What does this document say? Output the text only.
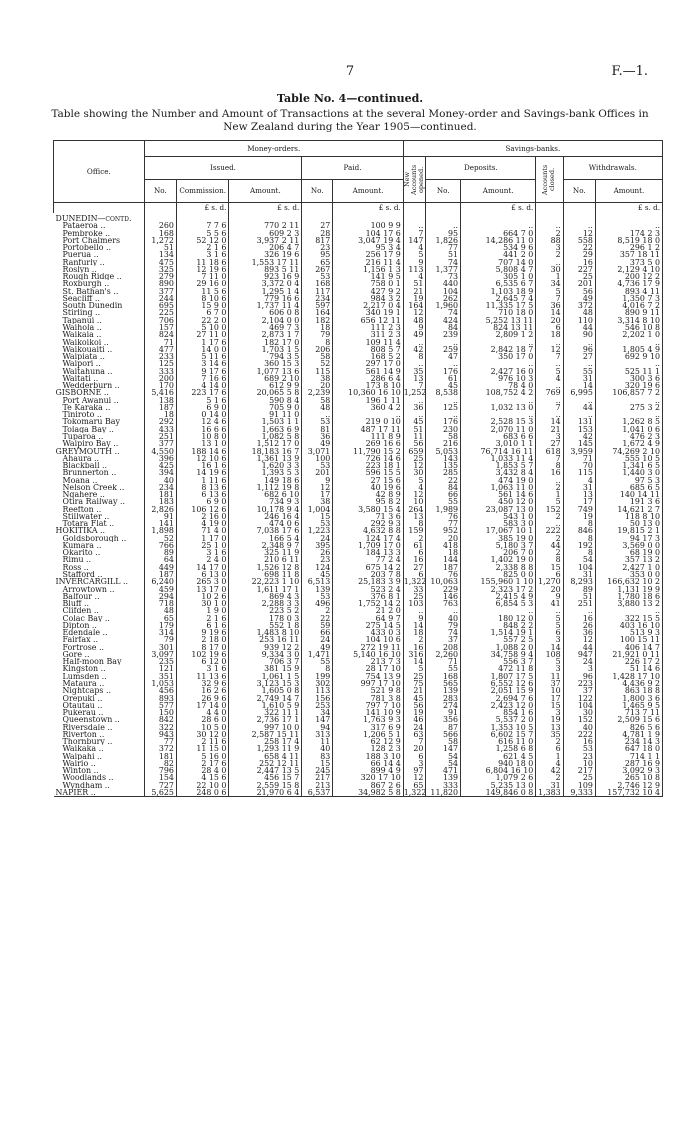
7	F.—1.
Table No. 4—continued.
Table showing the Number and Amount of Transactions at the several Money-order and Savings-bank Offices in New Zealand during the Year 1905—continued.
Office.	Money-orders.					Savings-banks.					
	Issued.			Paid.		New Accounts opened.	Deposits.		Accounts closed.	Withdrawals.	
	No.	Commission.	Amount.	No.	Amount.		No.	Amount.		No.	Amount.
		£ s. d.	£ s. d.		£ s. d.			£ s. d.			£ s. d.
DUNEDIN—contd.											
Pataeroa ..	260	7 7 6	770 2 11	27	100 9 9	..	..	..	..	..	..
Pembroke ..	168	5 5 6	609 2 3	28	104 17 6	7	95	664 7 0	2	12	174 2 3
Port Chalmers	1,272	52 12 0	3,937 2 11	817	3,047 19 4	147	1,826	14,286 11 0	88	558	8,519 18 0
Portobello ..	51	2 1 6	206 4 7	23	95 3 4	4	77	534 9 6	3	22	296 1 2
Puerua ..	134	3 1 6	326 19 6	95	256 17 9	5	51	441 2 0	2	29	357 18 11
Ranfurly ..	475	11 18 6	1,553 17 11	65	216 11 4	9	74	707 14 0	..	16	373 5 0
Roslyn ..	325	12 19 6	893 5 11	267	1,156 1 3	113	1,377	5,808 4 7	30	227	2,129 4 10
Rough Ridge ..	279	7 11 0	923 16 9	53	141 9 5	4	73	305 1 0	1	25	200 12 2
Roxburgh ..	890	29 16 0	3,372 0 4	168	758 0 1	51	440	6,535 6 7	34	201	4,736 17 9
St. Bathan's ..	377	11 5 6	1,295 1 4	117	427 9 2	21	104	1,103 18 9	5	56	893 4 11
Seacliff ..	244	8 10 6	779 16 6	234	984 3 2	19	262	2,645 7 4	7	49	1,350 7 3
South Dunedin	695	15 9 0	1,737 11 4	597	2,217 0 4	164	1,960	11,335 17 5	36	372	4,016 7 2
Stirling ..	225	6 7 0	606 0 8	164	340 19 1	12	74	710 18 0	14	48	890 9 11
Tapanui ..	706	22 2 0	2,104 0 0	182	656 12 11	48	424	5,252 13 11	20	110	3,314 8 10
Waihola ..	157	5 10 0	469 7 3	18	111 2 3	9	84	824 13 11	6	44	546 10 8
Waikaia ..	824	27 11 0	2,873 1 7	79	311 2 3	49	239	2,809 1 2	18	90	2,202 1 0
Waikoikoi ..	71	1 17 6	182 17 0	8	109 11 4	..	..	..	..	..	..
Waikouaiti ..	477	14 0 0	1,703 1 5	206	808 5 7	42	259	2,842 18 7	12	96	1,805 4 9
Waipiata ..	233	5 11 6	794 3 5	58	168 5 2	8	47	350 17 0	7	27	692 9 10
Waipori ..	125	3 14 6	360 15 3	52	297 17 0	..	..	..	..	..	..
Waitahuna ..	333	9 17 6	1,077 13 6	115	561 14 9	35	176	2,427 16 0	5	55	525 11 1
Waitati ..	200	7 16 6	689 2 10	38	286 6 4	13	61	976 10 3	4	31	300 3 6
Wedderburn ..	170	4 14 0	612 9 9	20	173 8 10	7	45	78 4 0	..	14	320 19 6
GISBORNE ..	5,416	223 17 6	20,065 5 8	2,239	10,360 16 10	1,252	8,538	108,752 4 2	769	6,995	106,857 7 2
Port Awanui ..	138	5 1 6	590 8 4	58	196 1 11	..	..	..	..	..	..
Te Karaka ..	187	6 9 0	705 9 0	48	360 4 2	36	125	1,032 13 0	7	44	275 3 2
Tiniroto ..	18	0 14 0	91 11 0	..	..	..	..	..	..	..	..
Tokomaru Bay	292	12 4 6	1,503 1 1	53	219 0 10	45	176	2,528 15 3	14	131	1,262 8 5
Tolaga Bay ..	433	16 6 6	1,663 6 9	81	487 17 11	51	230	2,070 11 0	21	153	1,041 0 6
Tuparoa ..	251	10 8 0	1,082 5 8	36	111 8 9	11	58	683 6 6	3	42	476 2 3
Waipiro Bay ..	377	13 1 0	1,512 17 0	49	269 16 6	56	216	3,010 1 1	27	145	1,672 4 9
GREYMOUTH ..	4,550	188 14 6	18,183 16 7	3,071	11,790 15 2	659	5,053	76,714 16 11	618	3,959	74,269 2 10
Ahaura ..	396	12 10 6	1,361 13 9	100	726 14 6	25	143	1,033 11 4	7	71	555 10 5
Blackball ..	425	16 1 6	1,620 3 3	53	223 18 1	12	135	1,853 5 7	8	70	1,341 6 5
Brunnerton ..	394	14 19 6	1,393 5 3	201	596 15 5	30	285	3,432 8 4	16	115	1,440 3 0
Moana ..	40	1 11 6	149 18 6	9	27 15 6	5	22	474 19 0	..	4	97 5 3
Nelson Creek ..	234	8 13 6	1,112 19 8	12	40 19 6	4	84	1,063 11 0	2	31	685 6 5
Ngahere ..	181	6 13 6	682 6 10	17	42 8 9	12	66	561 14 6	1	13	140 14 11
Otira Railway ..	183	6 9 0	734 9 3	38	95 8 2	10	55	450 12 0	5	17	191 3 6
Reefton ..	2,826	106 12 6	10,178 9 4	1,004	3,580 15 4	264	1,989	23,087 13 0	152	749	14,621 2 7
Stillwater ..	91	2 16 0	246 16 4	15	71 3 6	13	76	543 1 0	2	19	118 8 10
Totara Flat ..	141	4 19 0	474 0 6	53	292 9 3	8	77	583 3 0	..	8	50 13 0
HOKITIKA ..	1,898	71 4 0	7,038 17 6	1,223	4,632 8 8	159	952	17,067 10 1	222	846	19,815 2 1
Goldsborough ..	52	1 17 0	166 5 4	24	124 17 4	2	20	385 19 0	2	8	94 17 3
Kumara ..	766	25 1 0	2,348 9 7	395	1,709 17 0	61	418	5,180 3 7	44	192	3,569 0 0
Okarito ..	89	3 1 6	325 11 9	26	184 13 3	6	18	206 7 0	2	8	68 19 0
Rimu ..	64	2 4 0	210 6 11	23	77 2 4	16	144	1,402 19 0	8	54	357 13 2
Ross ..	449	14 17 0	1,526 12 8	124	675 14 2	27	187	2,338 8 8	15	104	2,427 1 0
Stafford ..	187	6 13 0	698 11 8	45	203 7 8	6	76	825 0 0	6	31	353 0 0
INVERCARGILL ..	6,240	265 3 0	22,223 1 10	6,513	25,183 3 9	1,322	10,063	155,960 1 10	1,270	8,293	166,632 10 2
Arrowtown ..	459	13 17 0	1,611 17 1	139	523 2 4	33	229	2,323 17 2	20	89	1,131 19 9
Balfour ..	294	10 2 6	869 4 3	53	376 8 1	25	146	2,415 4 9	9	51	1,780 18 6
Bluff ..	718	30 1 0	2,288 3 3	496	1,752 14 2	103	763	6,854 5 3	41	251	3,880 13 2
Clifden ..	48	1 9 0	223 5 2	2	21 2 0	..	..	..	..	..	..
Colac Bay ..	65	2 1 6	178 0 3	22	64 9 7	9	40	180 12 0	5	16	322 15 5
Dipton ..	179	6 1 6	552 1 8	59	275 14 5	14	79	848 2 2	5	26	403 16 10
Edendale ..	314	9 19 6	1,483 8 10	66	433 0 3	18	74	1,514 19 1	6	36	513 9 3
Fairfax ..	79	2 18 0	253 16 11	24	104 10 6	2	37	557 2 5	3	12	100 15 11
Fortrose ..	301	8 17 0	939 12 2	49	272 19 11	16	208	1,088 2 0	14	44	406 14 7
Gore ..	3,097	102 19 6	9,334 3 0	1,471	5,140 16 10	316	2,260	34,758 9 4	108	947	21,921 0 11
Half-moon Bay	235	6 12 0	706 3 7	55	213 7 3	14	71	556 3 7	5	24	226 17 2
Kingston ..	121	3 1 6	381 15 9	8	28 17 10	5	55	472 11 8	3	3	51 14 6
Lumsden ..	351	11 13 6	1,061 1 5	199	754 13 9	25	168	1,807 17 5	11	96	1,428 17 10
Mataura ..	1,053	32 9 6	3,123 15 3	302	997 17 10	75	565	6,552 12 6	37	223	4,436 9 2
Nightcaps ..	456	16 2 6	1,605 0 8	113	521 9 8	21	139	2,051 15 9	10	37	863 18 8
Orepuki ..	893	26 9 6	2,749 14 7	156	781 3 8	45	283	2,694 7 6	17	122	1,800 3 6
Otautau ..	577	17 14 0	1,610 5 9	253	797 7 10	56	274	2,423 12 0	15	104	1,465 9 5
Pukerau ..	150	4 4 0	322 11 1	34	141 10 9	19	91	854 1 6	3	30	713 7 11
Queenstown ..	842	28 6 0	2,736 17 1	147	1,763 9 3	46	356	5,537 2 0	19	152	2,509 15 6
Riversdale ..	322	10 5 0	997 10 0	94	317 6 9	24	87	1,353 10 5	13	40	826 5 6
Riverton ..	943	30 12 0	2,587 15 11	313	1,206 5 1	63	566	6,602 15 7	35	222	4,781 1 9
Thornbury ..	77	2 11 6	258 17 4	11	62 12 9	7	58	616 11 0	2	16	234 14 3
Waikaka ..	372	11 15 0	1,293 11 9	40	128 2 3	20	147	1,258 6 8	6	53	647 18 0
Waipahi ..	181	5 16 0	658 4 11	83	188 3 10	6	54	621 4 5	1	23	714 1 1
Wairio ..	82	2 17 6	252 12 11	15	66 14 4	3	54	940 18 0	4	10	287 16 9
Winton ..	796	28 4 0	2,447 13 5	245	899 4 9	97	471	6,804 16 10	42	217	3,092 9 3
Woodlands ..	154	4 15 6	456 15 7	217	320 17 10	12	139	1,079 2 6	2	25	265 10 8
Wyndham ..	727	22 10 0	2,559 15 8	213	867 2 6	65	333	5,235 13 0	31	109	2,746 12 9
NAPIER ..	5,625	248 0 6	21,970 6 4	6,537	34,982 5 8	1,322	11,820	149,846 0 8	1,383	9,333	157,732 10 4
